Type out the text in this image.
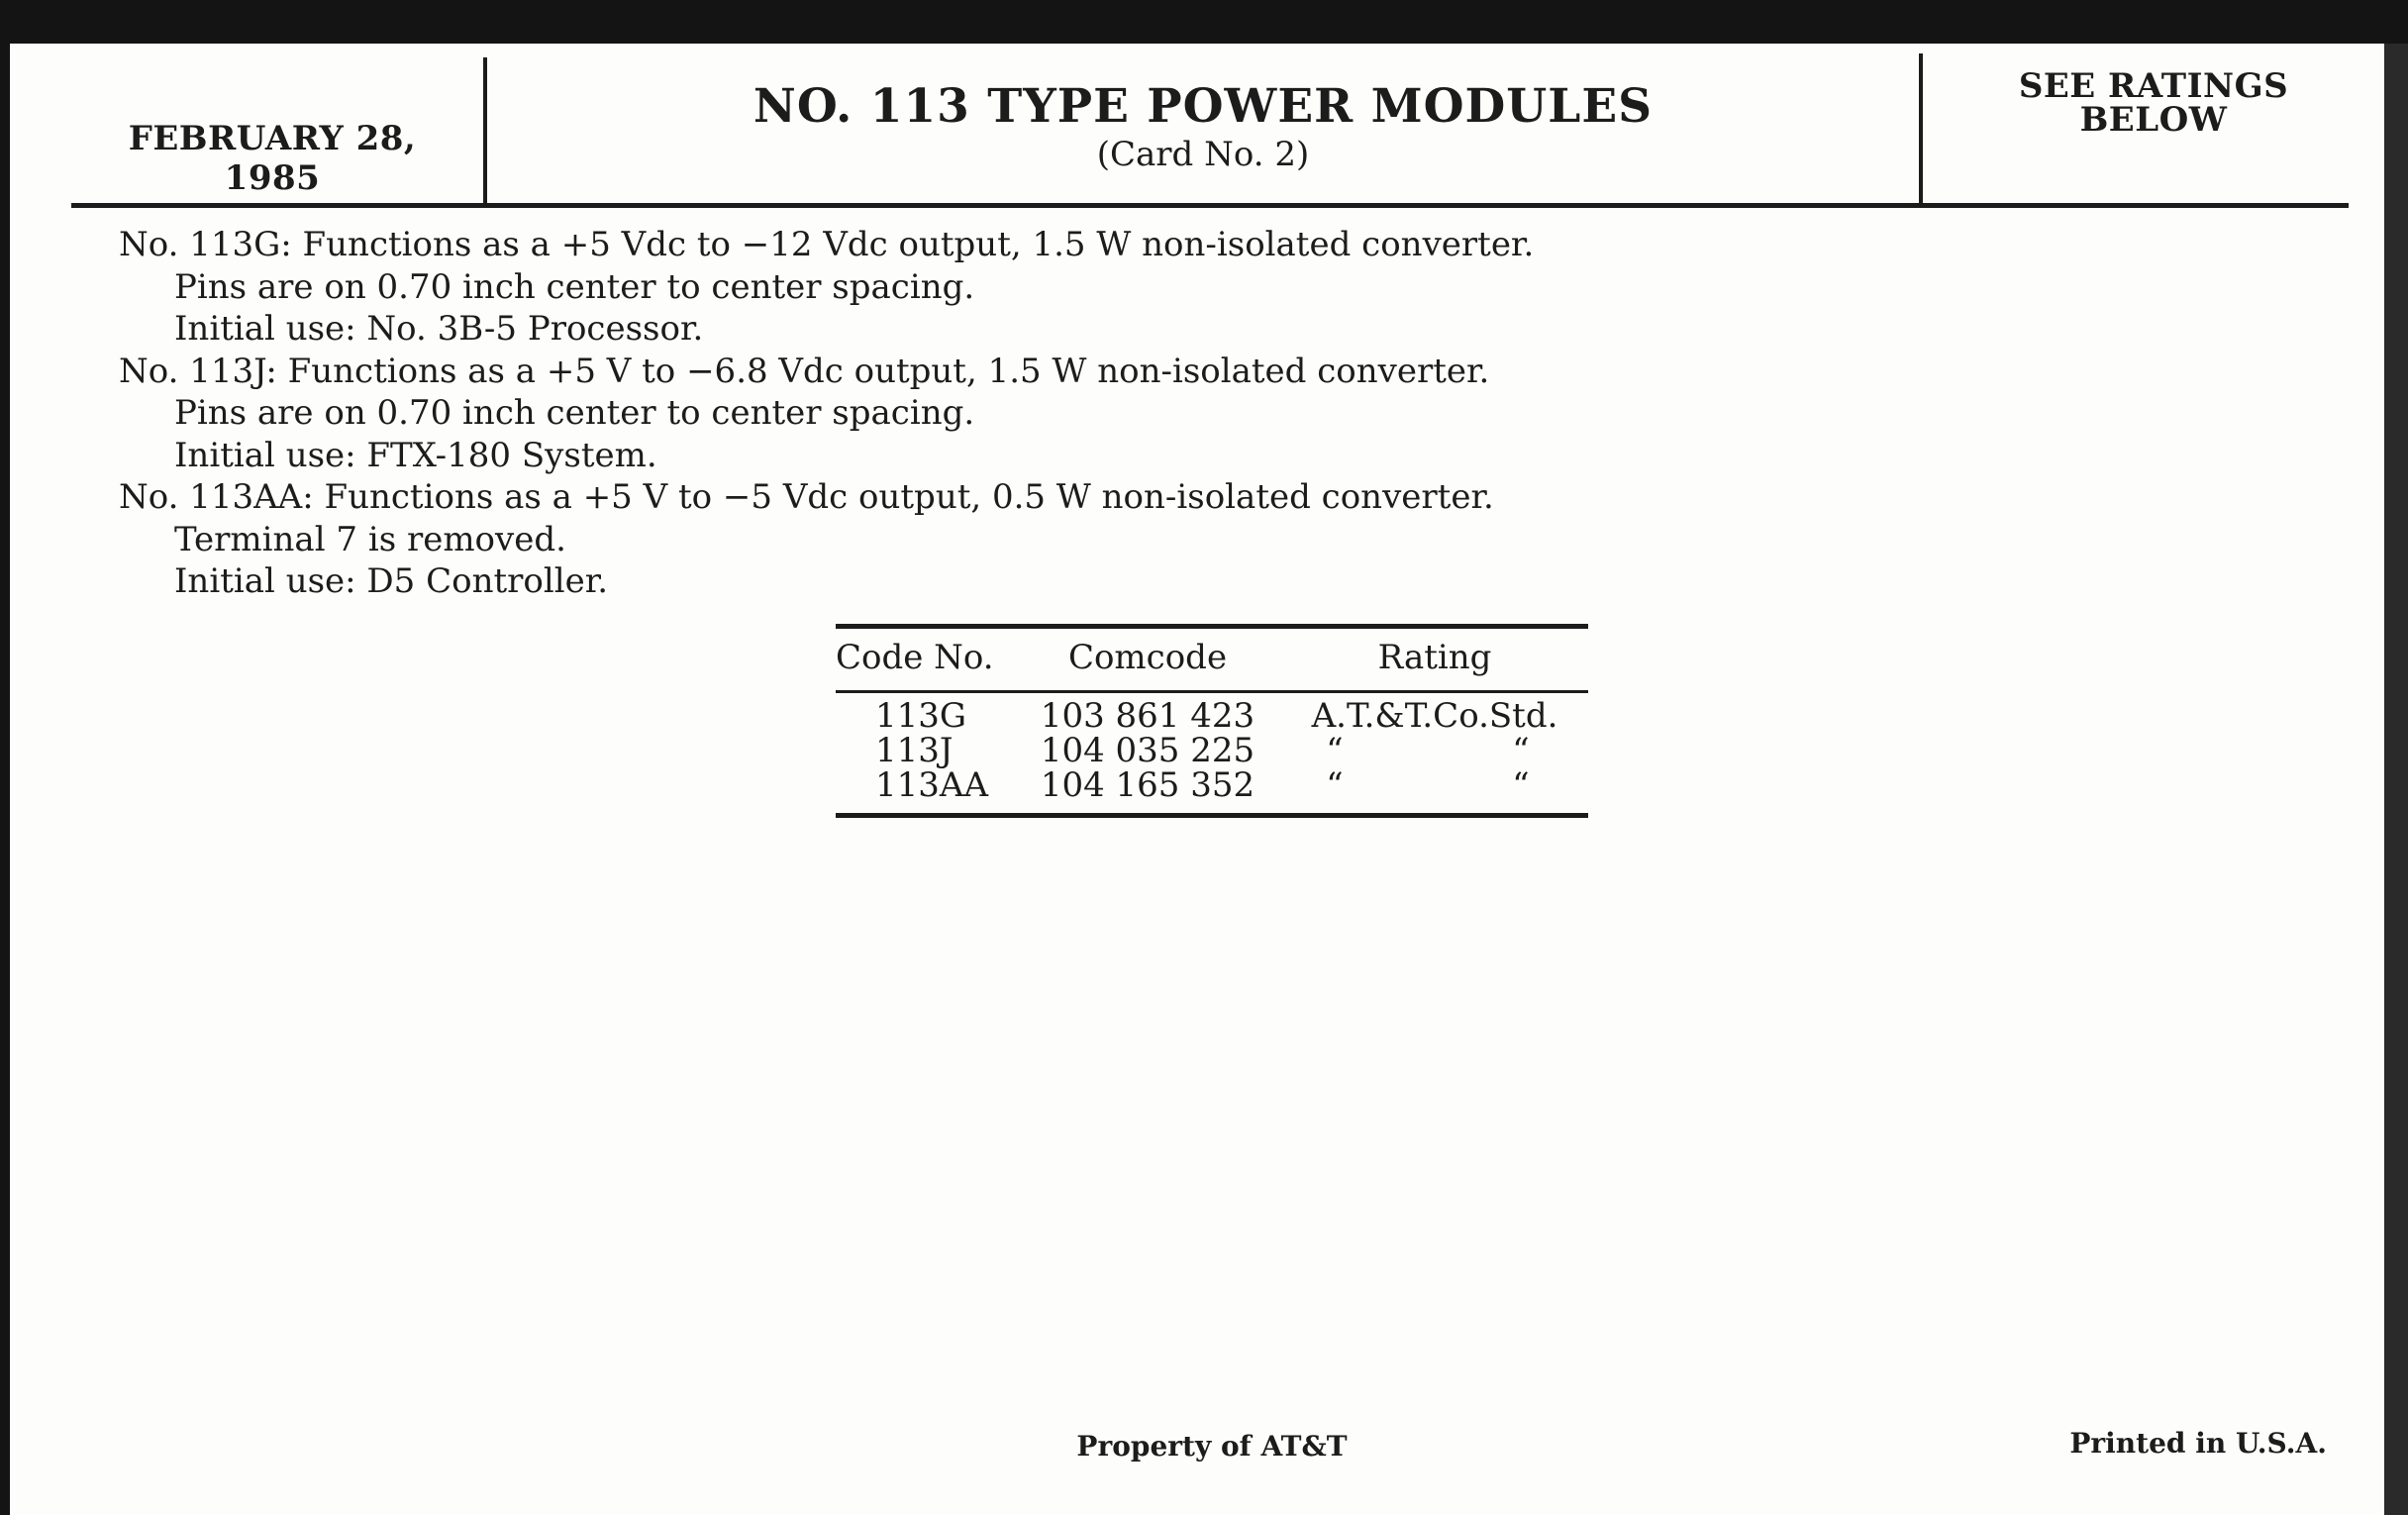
FEBRUARY 28, 1985
NO. 113 TYPE POWER MODULES
(Card No. 2)
SEE RATINGS
BELOW
No. 113G: Functions as a +5 Vdc to −12 Vdc output, 1.5 W non-isolated converter.
Pins are on 0.70 inch center to center spacing.
Initial use: No. 3B-5 Processor.
No. 113J: Functions as a +5 V to −6.8 Vdc output, 1.5 W non-isolated converter.
Pins are on 0.70 inch center to center spacing.
Initial use: FTX-180 System.
No. 113AA: Functions as a +5 V to −5 Vdc output, 0.5 W non-isolated converter.
Terminal 7 is removed.
Initial use: D5 Controller.
Code No.	Comcode	Rating
113G	103 861 423	A.T.&T.Co.Std.
113J	104 035 225	“	“
113AA	104 165 352	“	“
Property of AT&T	Printed in U.S.A.
